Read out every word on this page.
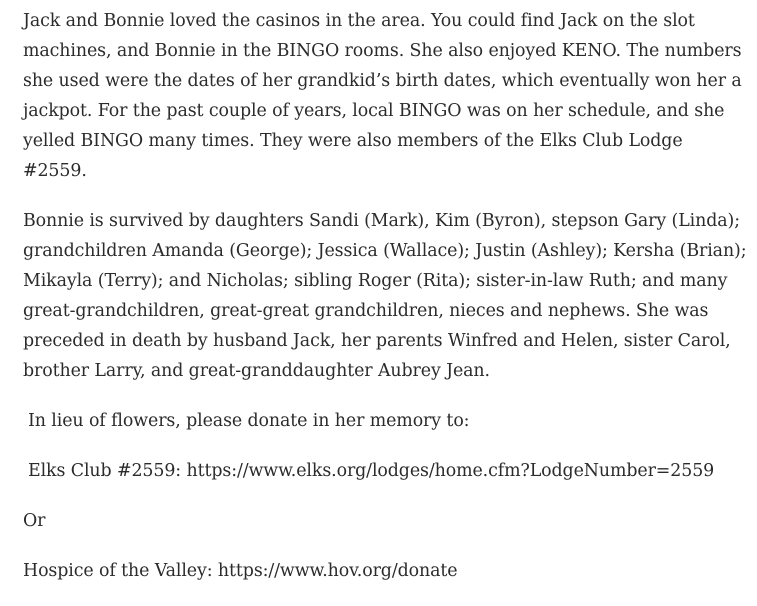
Jack and Bonnie loved the casinos in the area. You could find Jack on the slot machines, and Bonnie in the BINGO rooms. She also enjoyed KENO. The numbers she used were the dates of her grandkid’s birth dates, which eventually won her a jackpot. For the past couple of years, local BINGO was on her schedule, and she yelled BINGO many times. They were also members of the Elks Club Lodge #2559.

Bonnie is survived by daughters Sandi (Mark), Kim (Byron), stepson Gary (Linda); grandchildren Amanda (George); Jessica (Wallace); Justin (Ashley); Kersha (Brian); Mikayla (Terry); and Nicholas; sibling Roger (Rita); sister-in-law Ruth; and many great-grandchildren, great-great grandchildren, nieces and nephews. She was preceded in death by husband Jack, her parents Winfred and Helen, sister Carol, brother Larry, and great-granddaughter Aubrey Jean.

In lieu of flowers, please donate in her memory to:

Elks Club #2559: https://www.elks.org/lodges/home.cfm?LodgeNumber=2559

Or

Hospice of the Valley: https://www.hov.org/donate
